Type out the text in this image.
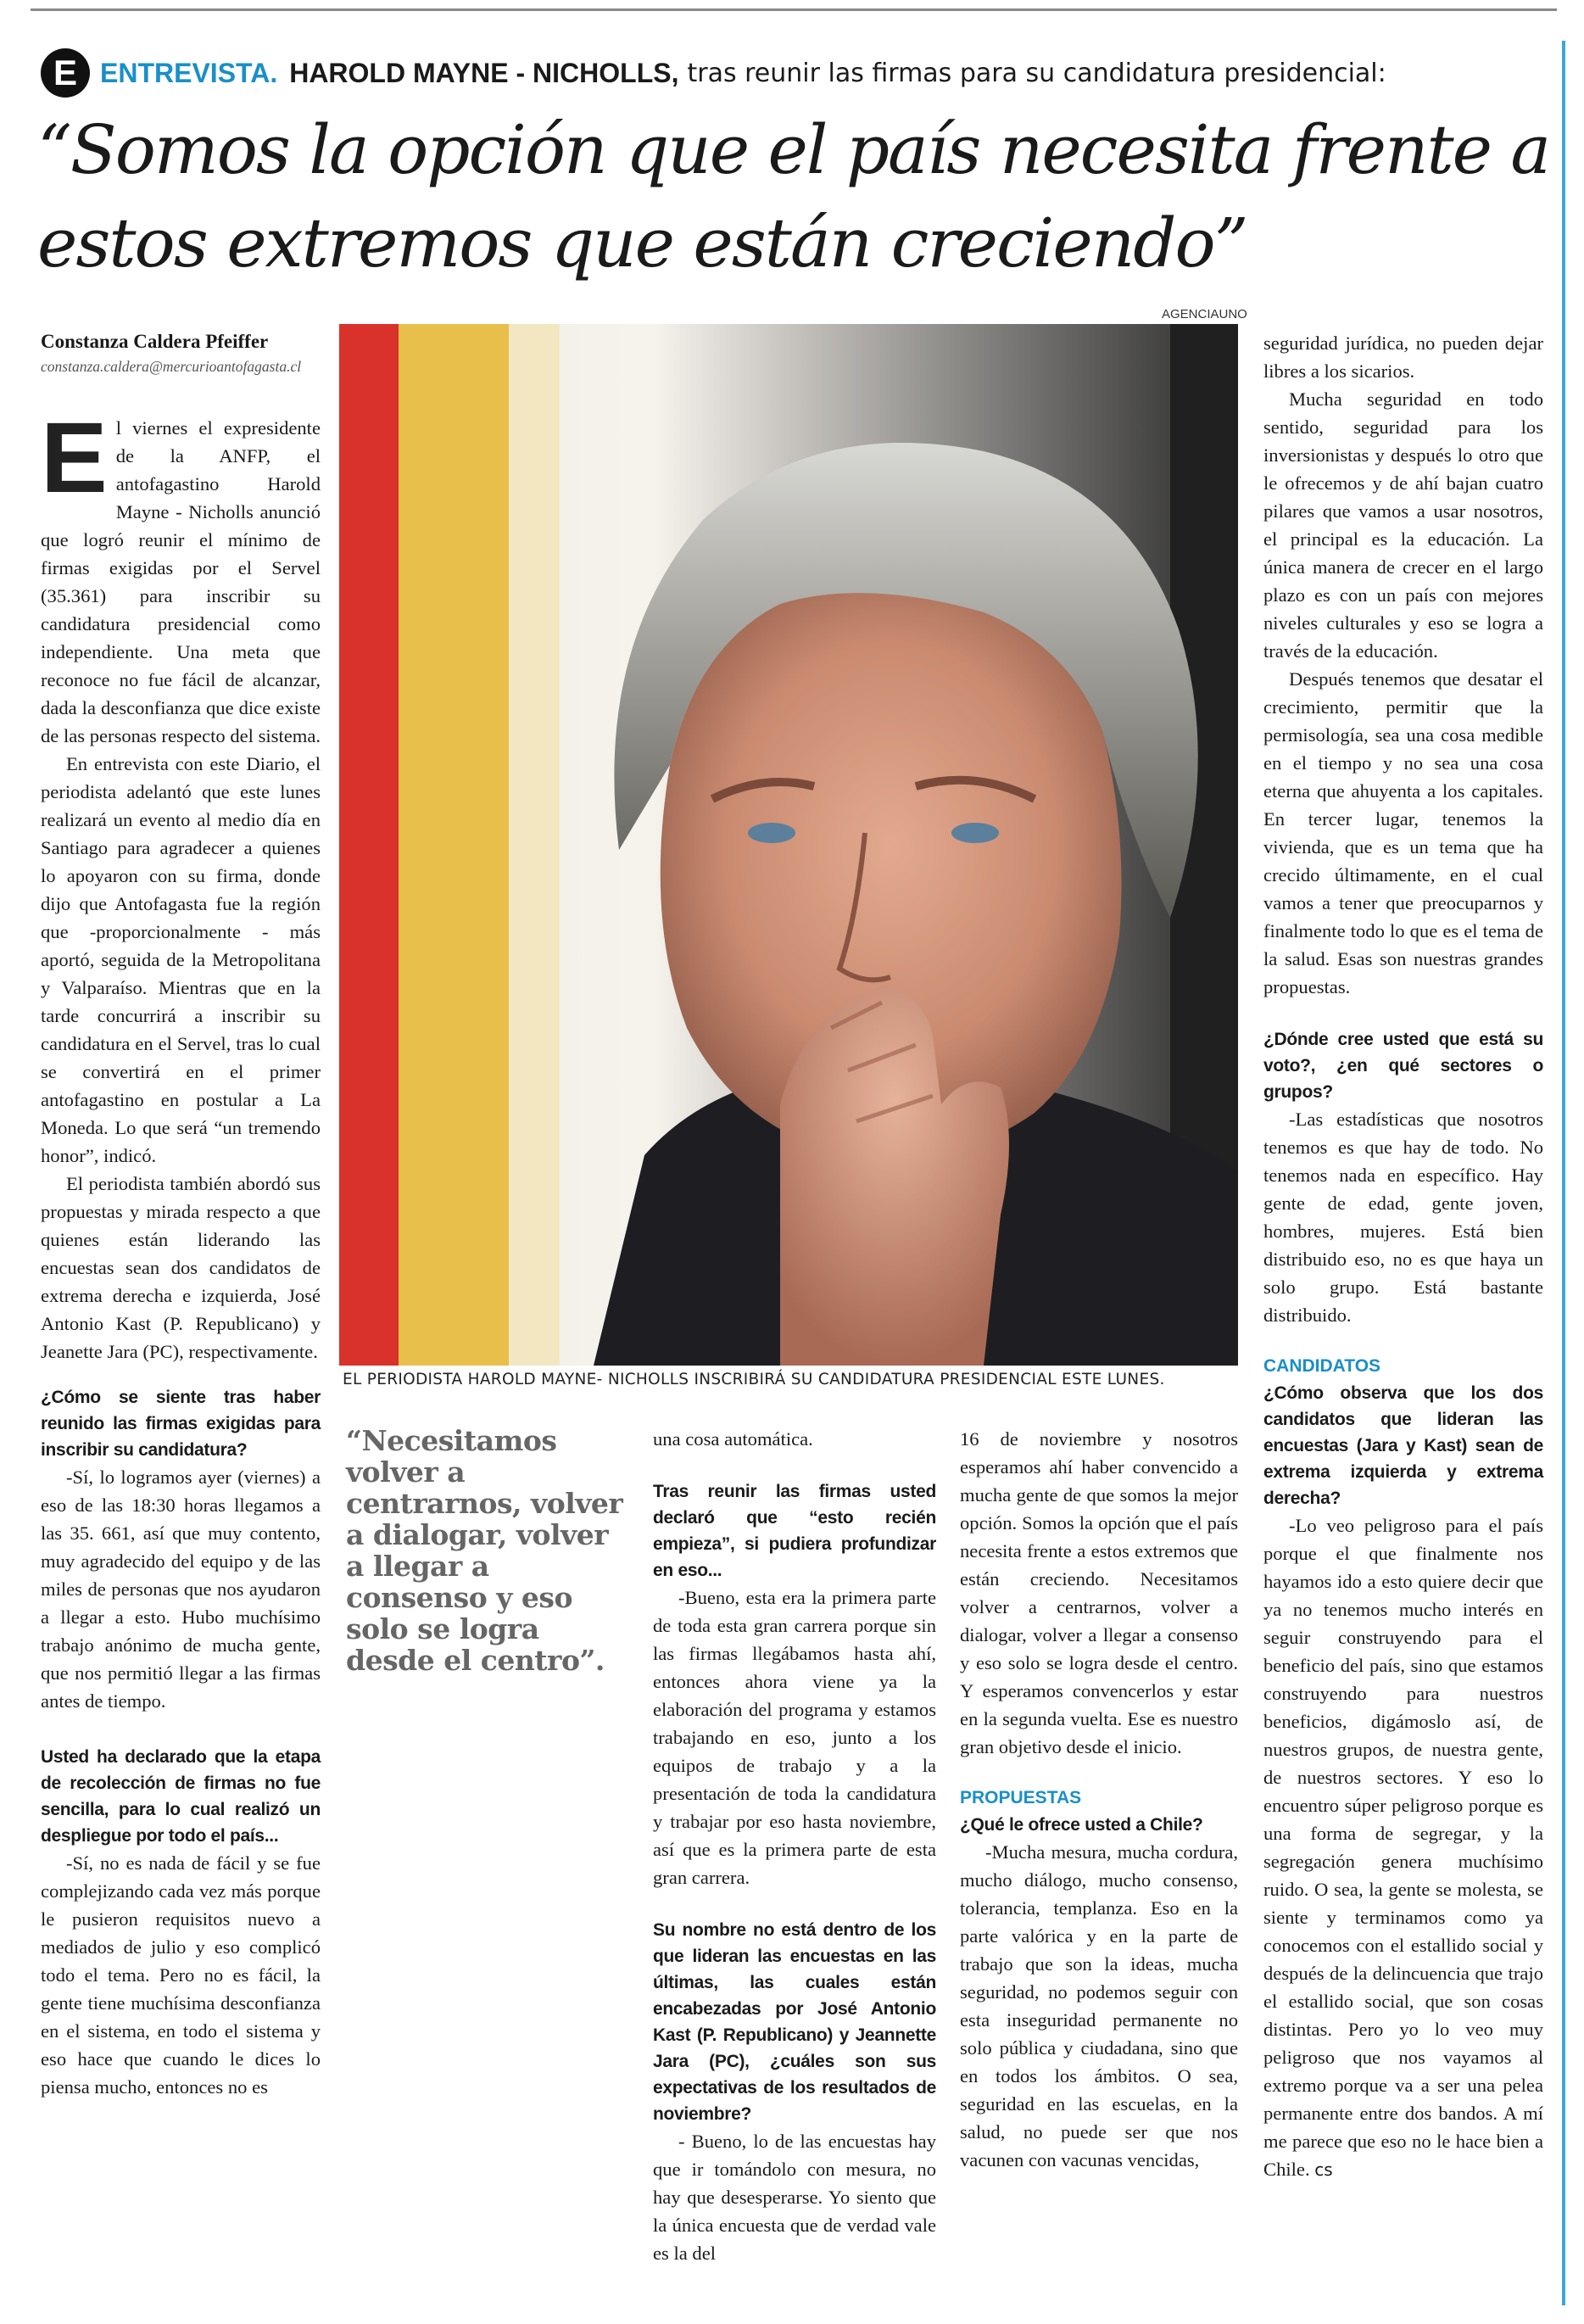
E ENTREVISTA. HAROLD MAYNE - NICHOLLS, tras reunir las firmas para su candidatura presidencial:
“Somos la opción que el país necesita frente a
estos extremos que están creciendo”
AGENCIAUNO
EL PERIODISTA HAROLD MAYNE- NICHOLLS INSCRIBIRÁ SU CANDIDATURA PRESIDENCIAL ESTE LUNES.
“Necesitamos volver a centrarnos, volver a dialogar, volver a llegar a consenso y eso solo se logra desde el centro”.
Constanza Caldera Pfeiffer
constanza.caldera@mercurioantofagasta.cl

El viernes el expresidente de la ANFP, el antofagastino Harold Mayne - Nicholls anunció que logró reunir el mínimo de firmas exigidas por el Servel (35.361) para inscribir su candidatura presidencial como independiente. Una meta que reconoce no fue fácil de alcanzar, dada la desconfianza que dice existe de las personas respecto del sistema.

En entrevista con este Diario, el periodista adelantó que este lunes realizará un evento al medio día en Santiago para agradecer a quienes lo apoyaron con su firma, donde dijo que Antofagasta fue la región que -proporcionalmente - más aportó, seguida de la Metropolitana y Valparaíso. Mientras que en la tarde concurrirá a inscribir su candidatura en el Servel, tras lo cual se convertirá en el primer antofagastino en postular a La Moneda. Lo que será “un tremendo honor”, indicó.

El periodista también abordó sus propuestas y mirada respecto a que quienes están liderando las encuestas sean dos candidatos de extrema derecha e izquierda, José Antonio Kast (P. Republicano) y Jeanette Jara (PC), respectivamente.

¿Cómo se siente tras haber reunido las firmas exigidas para inscribir su candidatura?

-Sí, lo logramos ayer (viernes) a eso de las 18:30 horas llegamos a las 35. 661, así que muy contento, muy agradecido del equipo y de las miles de personas que nos ayudaron a llegar a esto. Hubo muchísimo trabajo anónimo de mucha gente, que nos permitió llegar a las firmas antes de tiempo.

Usted ha declarado que la etapa de recolección de firmas no fue sencilla, para lo cual realizó un despliegue por todo el país...

-Sí, no es nada de fácil y se fue complejizando cada vez más porque le pusieron requisitos nuevo a mediados de julio y eso complicó todo el tema. Pero no es fácil, la gente tiene muchísima desconfianza en el sistema, en todo el sistema y eso hace que cuando le dices lo piensa mucho, entonces no es

una cosa automática.

Tras reunir las firmas usted declaró que “esto recién empieza”, si pudiera profundizar en eso...

-Bueno, esta era la primera parte de toda esta gran carrera porque sin las firmas llegábamos hasta ahí, entonces ahora viene ya la elaboración del programa y estamos trabajando en eso, junto a los equipos de trabajo y a la presentación de toda la candidatura y trabajar por eso hasta noviembre, así que es la primera parte de esta gran carrera.

Su nombre no está dentro de los que lideran las encuestas en las últimas, las cuales están encabezadas por José Antonio Kast (P. Republicano) y Jeannette Jara (PC), ¿cuáles son sus expectativas de los resultados de noviembre?

- Bueno, lo de las encuestas hay que ir tomándolo con mesura, no hay que desesperarse. Yo siento que la única encuesta que de verdad vale es la del

16 de noviembre y nosotros esperamos ahí haber convencido a mucha gente de que somos la mejor opción. Somos la opción que el país necesita frente a estos extremos que están creciendo. Necesitamos volver a centrarnos, volver a dialogar, volver a llegar a consenso y eso solo se logra desde el centro. Y esperamos convencerlos y estar en la segunda vuelta. Ese es nuestro gran objetivo desde el inicio.

PROPUESTAS

¿Qué le ofrece usted a Chile?

-Mucha mesura, mucha cordura, mucho diálogo, mucho consenso, tolerancia, templanza. Eso en la parte valórica y en la parte de trabajo que son la ideas, mucha seguridad, no podemos seguir con esta inseguridad permanente no solo pública y ciudadana, sino que en todos los ámbitos. O sea, seguridad en las escuelas, en la salud, no puede ser que nos vacunen con vacunas vencidas,

seguridad jurídica, no pueden dejar libres a los sicarios.

Mucha seguridad en todo sentido, seguridad para los inversionistas y después lo otro que le ofrecemos y de ahí bajan cuatro pilares que vamos a usar nosotros, el principal es la educación. La única manera de crecer en el largo plazo es con un país con mejores niveles culturales y eso se logra a través de la educación.

Después tenemos que desatar el crecimiento, permitir que la permisología, sea una cosa medible en el tiempo y no sea una cosa eterna que ahuyenta a los capitales. En tercer lugar, tenemos la vivienda, que es un tema que ha crecido últimamente, en el cual vamos a tener que preocuparnos y finalmente todo lo que es el tema de la salud. Esas son nuestras grandes propuestas.

¿Dónde cree usted que está su voto?, ¿en qué sectores o grupos?

-Las estadísticas que nosotros tenemos es que hay de todo. No tenemos nada en específico. Hay gente de edad, gente joven, hombres, mujeres. Está bien distribuido eso, no es que haya un solo grupo. Está bastante distribuido.

CANDIDATOS

¿Cómo observa que los dos candidatos que lideran las encuestas (Jara y Kast) sean de extrema izquierda y extrema derecha?

-Lo veo peligroso para el país porque el que finalmente nos hayamos ido a esto quiere decir que ya no tenemos mucho interés en seguir construyendo para el beneficio del país, sino que estamos construyendo para nuestros beneficios, digámoslo así, de nuestros grupos, de nuestra gente, de nuestros sectores. Y eso lo encuentro súper peligroso porque es una forma de segregar, y la segregación genera muchísimo ruido. O sea, la gente se molesta, se siente y terminamos como ya conocemos con el estallido social y después de la delincuencia que trajo el estallido social, que son cosas distintas. Pero yo lo veo muy peligroso que nos vayamos al extremo porque va a ser una pelea permanente entre dos bandos. A mí me parece que eso no le hace bien a Chile. cs
